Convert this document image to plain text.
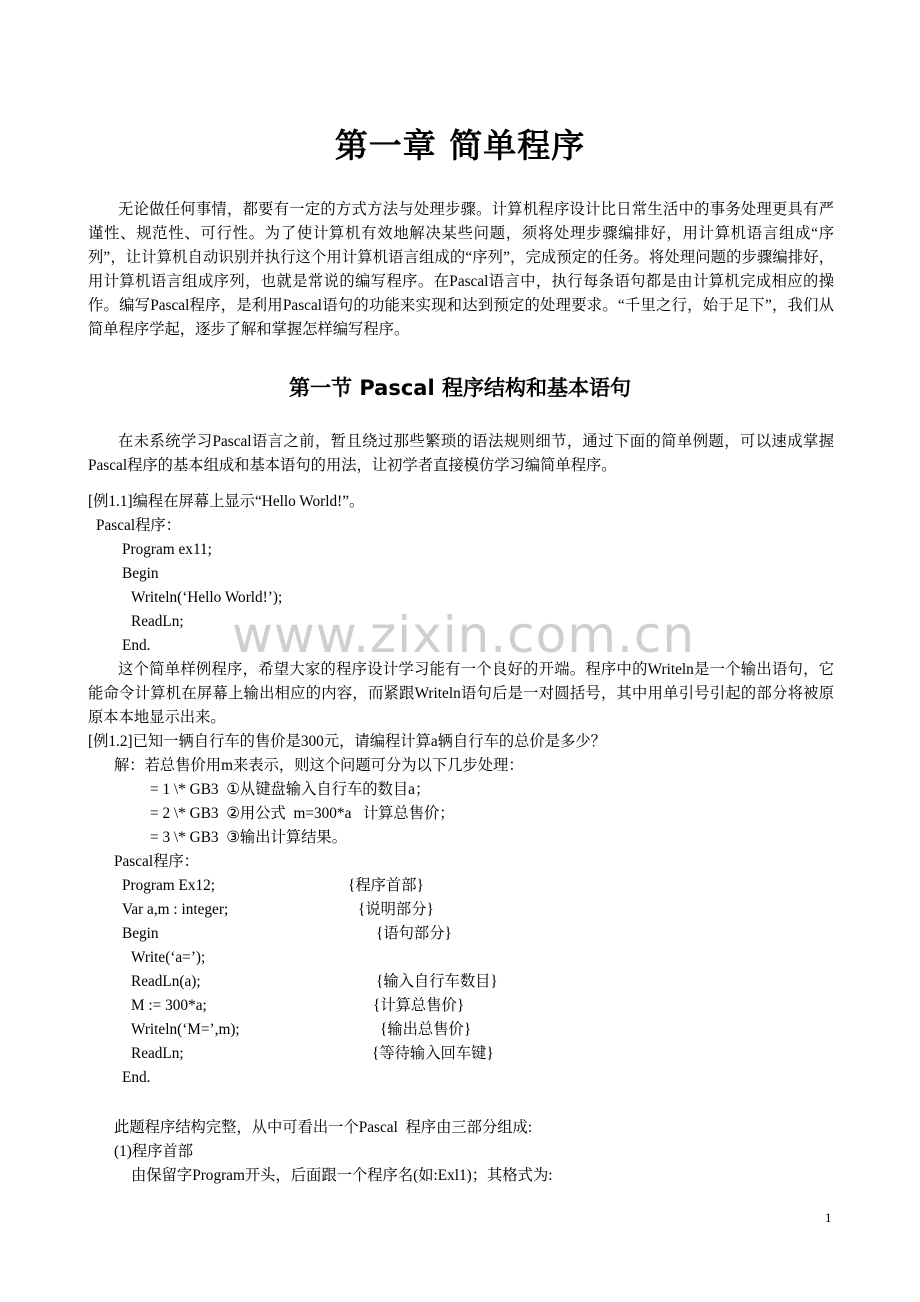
第一章 简单程序

无论做任何事情，都要有一定的方式方法与处理步骤。计算机程序设计比日常生活中的事务处理更具有严谨性、规范性、可行性。为了使计算机有效地解决某些问题，须将处理步骤编排好，用计算机语言组成“序列”，让计算机自动识别并执行这个用计算机语言组成的“序列”，完成预定的任务。将处理问题的步骤编排好，用计算机语言组成序列，也就是常说的编写程序。在Pascal语言中，执行每条语句都是由计算机完成相应的操作。编写Pascal程序，是利用Pascal语句的功能来实现和达到预定的处理要求。“千里之行，始于足下”，我们从简单程序学起，逐步了解和掌握怎样编写程序。

第一节 Pascal 程序结构和基本语句

在未系统学习Pascal语言之前，暂且绕过那些繁琐的语法规则细节，通过下面的简单例题，可以速成掌握Pascal程序的基本组成和基本语句的用法，让初学者直接模仿学习编简单程序。

[例1.1]编程在屏幕上显示“Hello World!”。
Pascal程序：
Program ex11;
Begin
Writeln(‘Hello World!’);
ReadLn;
End. www.zixin.com.cn

这个简单样例程序，希望大家的程序设计学习能有一个良好的开端。程序中的Writeln是一个输出语句，它能命令计算机在屏幕上输出相应的内容，而紧跟Writeln语句后是一对圆括号，其中用单引号引起的部分将被原原本本地显示出来。

[例1.2]已知一辆自行车的售价是300元，请编程计算a辆自行车的总价是多少？
解：若总售价用m来表示，则这个问题可分为以下几步处理：
= 1 \* GB3  ①从键盘输入自行车的数目a；
= 2 \* GB3  ②用公式  m=300*a   计算总售价；
= 3 \* GB3  ③输出计算结果。
Pascal程序：
Program Ex12;
Var a,m : integer;
Begin
Write(‘a=’);
ReadLn(a);
M := 300*a;
Writeln(‘M=’,m);
ReadLn;
End.
{程序首部}
{说明部分}
{语句部分}
{输入自行车数目}
{计算总售价}
{输出总售价}
{等待输入回车键}
此题程序结构完整，从中可看出一个Pascal  程序由三部分组成:
(1)程序首部
由保留字Program开头，后面跟一个程序名(如:Exl1)；其格式为:
1
